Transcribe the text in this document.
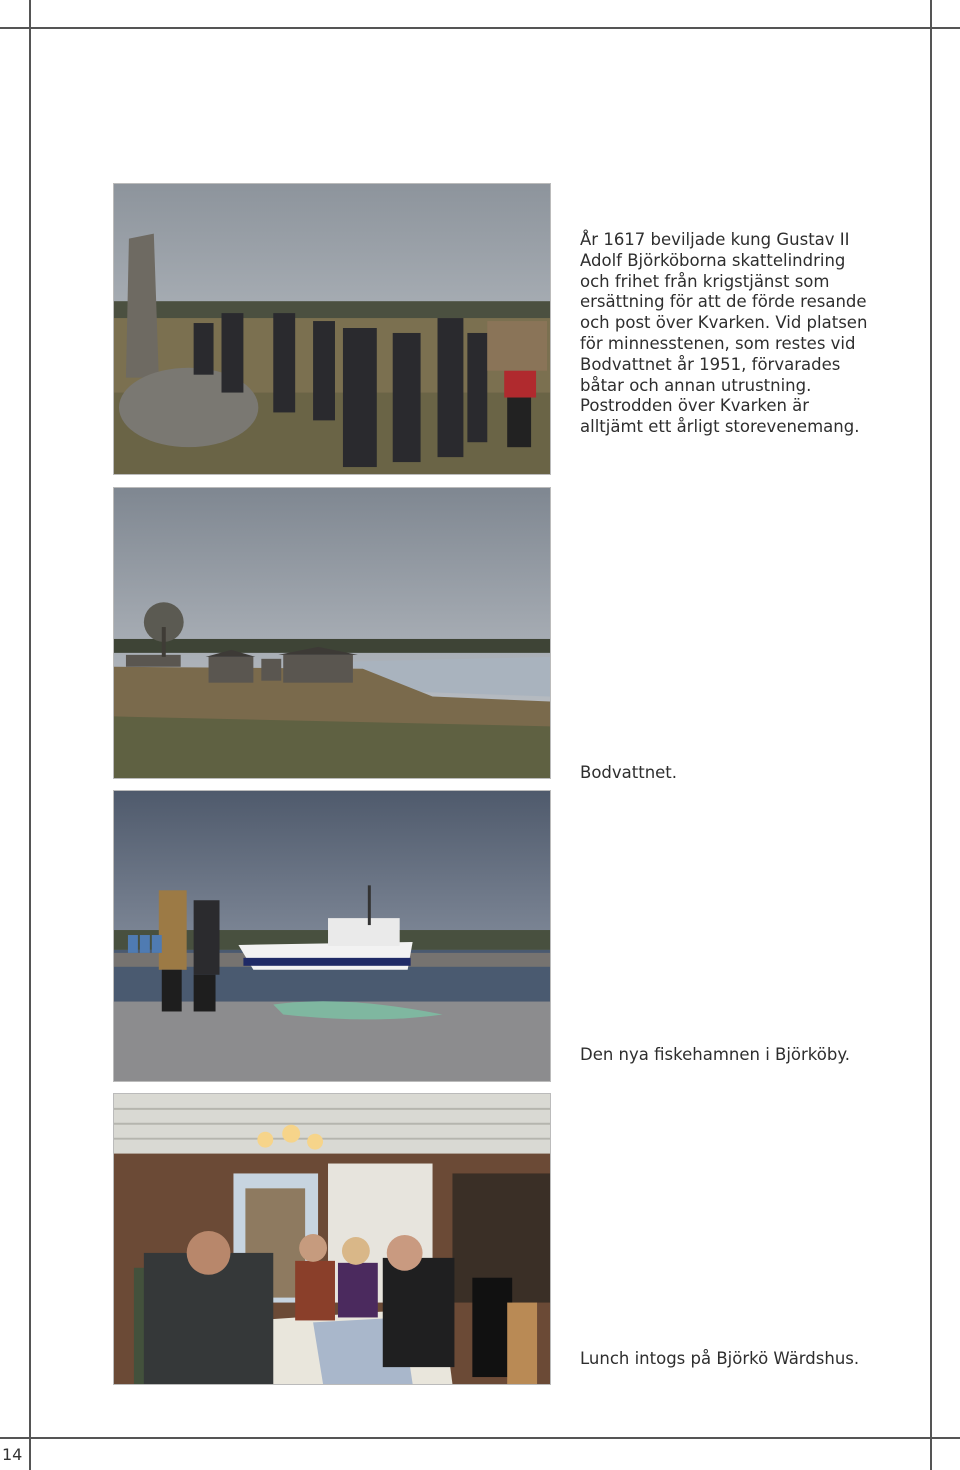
År 1617 beviljade kung Gustav II Adolf Björköborna skattelindring och frihet från krigstjänst som ersättning för att de förde resande och post över Kvarken. Vid platsen för minnesstenen, som restes vid Bodvattnet år 1951, förvarades båtar och annan utrustning. Postrodden över Kvarken är alltjämt ett årligt storevenemang.
Bodvattnet.
Den nya fiskehamnen i Björköby.
Lunch intogs på Björkö Wärdshus.
14
